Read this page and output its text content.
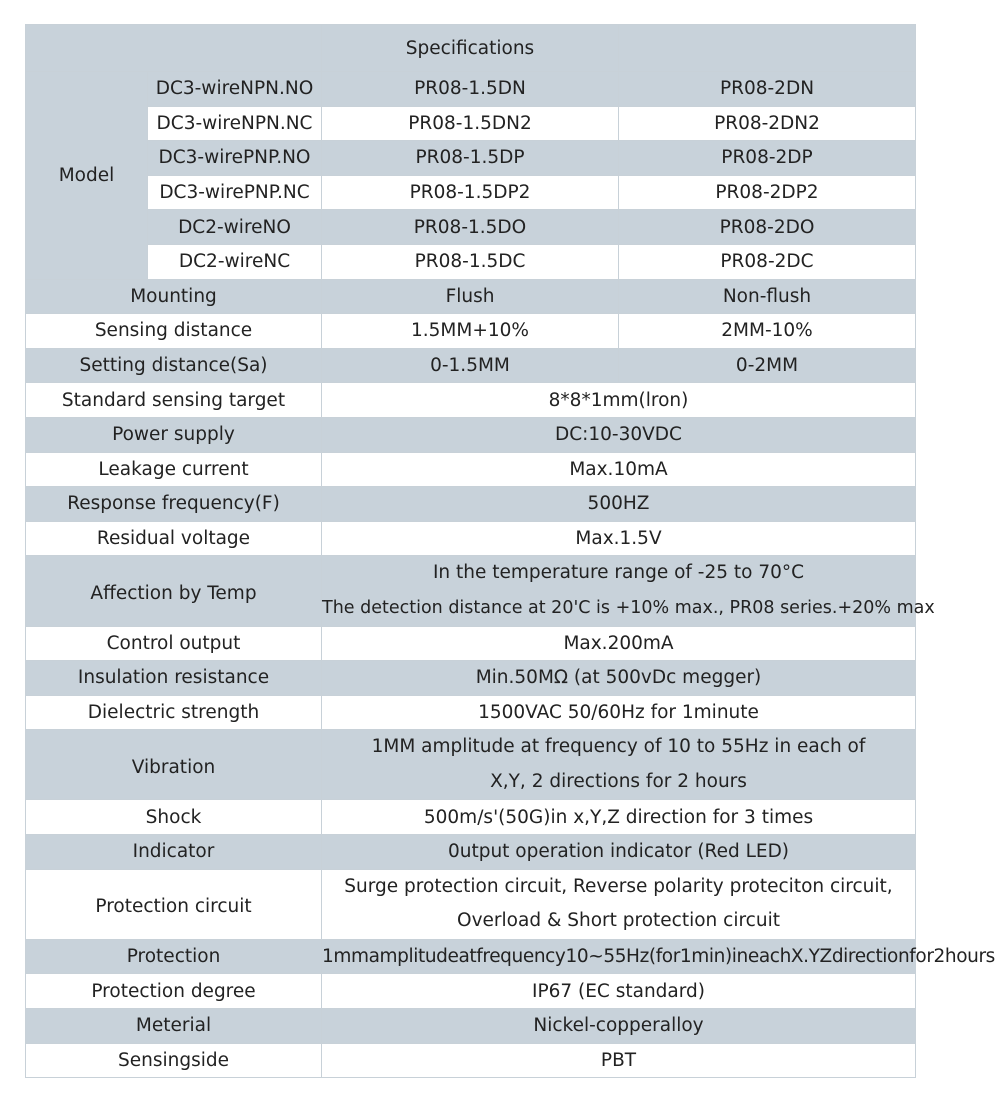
		Specifications	
Model	DC3-wireNPN.NO	PR08-1.5DN	PR08-2DN
	DC3-wireNPN.NC	PR08-1.5DN2	PR08-2DN2
	DC3-wirePNP.NO	PR08-1.5DP	PR08-2DP
	DC3-wirePNP.NC	PR08-1.5DP2	PR08-2DP2
	DC2-wireNO	PR08-1.5DO	PR08-2DO
	DC2-wireNC	PR08-1.5DC	PR08-2DC
Mounting		Flush	Non-flush
Sensing distance		1.5MM+10%	2MM-10%
Setting distance(Sa)		0-1.5MM	0-2MM
Standard sensing target		8*8*1mm(lron)	
Power supply		DC:10-30VDC	
Leakage current		Max.10mA	
Response frequency(F)		500HZ	
Residual voltage		Max.1.5V	
Affection by Temp		In the temperature range of -25 to 70°C
The detection distance at 20'C is +10% max., PR08 series.+20% max	

Control output		Max.200mA	
Insulation resistance		Min.50MΩ (at 500vDc megger)	
Dielectric strength		1500VAC 50/60Hz for 1minute	
Vibration		1MM amplitude at frequency of 10 to 55Hz in each of
X,Y, 2 directions for 2 hours	

Shock		500m/s'(50G)in x,Y,Z direction for 3 times	
Indicator		0utput operation indicator (Red LED)	
Protection circuit		Surge protection circuit, Reverse polarity proteciton circuit,
Overload & Short protection circuit	

Protection		1mmamplitudeatfrequency10~55Hz(for1min)ineachX.YZdirectionfor2hours	
Protection degree		IP67 (EC standard)	
Meterial		Nickel-copperalloy	
Sensingside		PBT	
